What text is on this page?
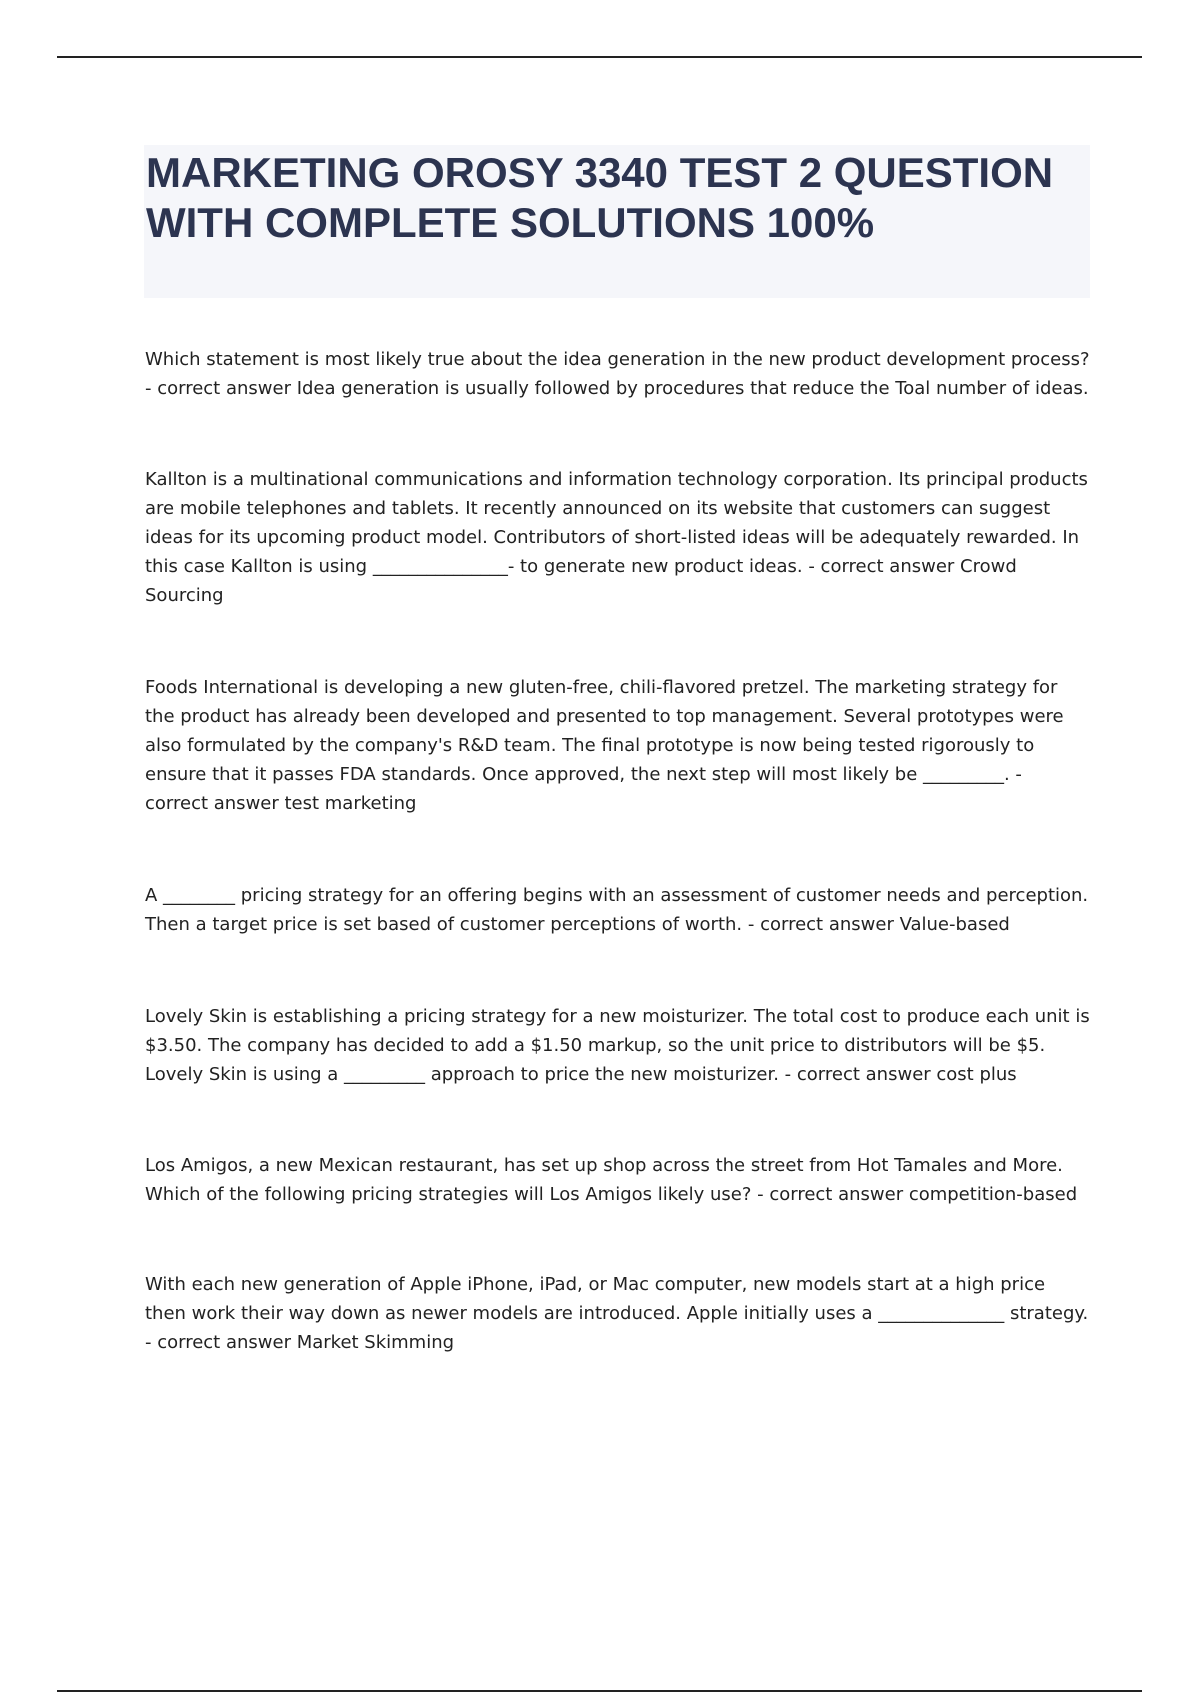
MARKETING OROSY 3340 TEST 2 QUESTION WITH COMPLETE SOLUTIONS 100%

Which statement is most likely true about the idea generation in the new product development process? - correct answer Idea generation is usually followed by procedures that reduce the Toal number of ideas.

Kallton is a multinational communications and information technology corporation. Its principal products are mobile telephones and tablets. It recently announced on its website that customers can suggest ideas for its upcoming product model. Contributors of short-listed ideas will be adequately rewarded. In this case Kallton is using _______________- to generate new product ideas. - correct answer Crowd Sourcing

Foods International is developing a new gluten-free, chili-flavored pretzel. The marketing strategy for the product has already been developed and presented to top management. Several prototypes were also formulated by the company's R&D team. The final prototype is now being tested rigorously to ensure that it passes FDA standards. Once approved, the next step will most likely be _________. - correct answer test marketing

A ________ pricing strategy for an offering begins with an assessment of customer needs and perception. Then a target price is set based of customer perceptions of worth. - correct answer Value-based

Lovely Skin is establishing a pricing strategy for a new moisturizer. The total cost to produce each unit is $3.50. The company has decided to add a $1.50 markup, so the unit price to distributors will be $5. Lovely Skin is using a _________ approach to price the new moisturizer. - correct answer cost plus

Los Amigos, a new Mexican restaurant, has set up shop across the street from Hot Tamales and More. Which of the following pricing strategies will Los Amigos likely use? - correct answer competition-based

With each new generation of Apple iPhone, iPad, or Mac computer, new models start at a high price then work their way down as newer models are introduced. Apple initially uses a ______________ strategy. - correct answer Market Skimming
